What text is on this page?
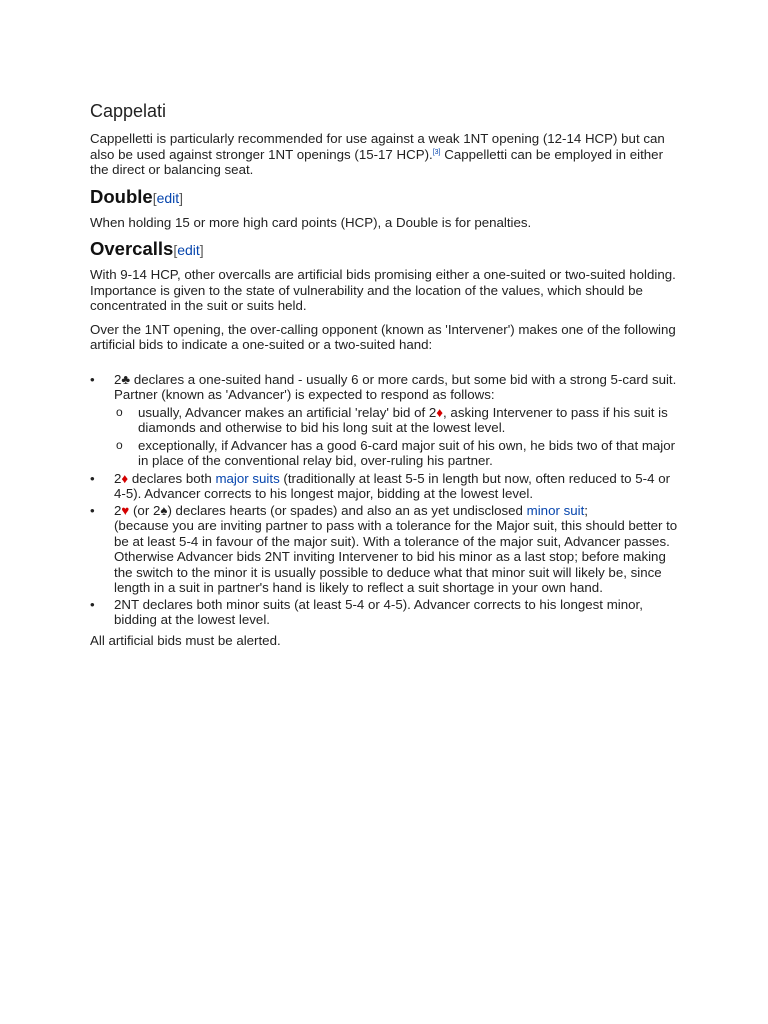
Cappelati

Cappelletti is particularly recommended for use against a weak 1NT opening (12-14 HCP) but can also be used against stronger 1NT openings (15-17 HCP).[3] Cappelletti can be employed in either the direct or balancing seat.

Double[edit]

When holding 15 or more high card points (HCP), a Double is for penalties.

Overcalls[edit]

With 9-14 HCP, other overcalls are artificial bids promising either a one-suited or two-suited holding. Importance is given to the state of vulnerability and the location of the values, which should be concentrated in the suit or suits held.

Over the 1NT opening, the over-calling opponent (known as 'Intervener') makes one of the following artificial bids to indicate a one-suited or a two-suited hand:

• 2♣ declares a one-suited hand - usually 6 or more cards, but some bid with a strong 5-card suit. Partner (known as 'Advancer') is expected to respond as follows:
o usually, Advancer makes an artificial 'relay' bid of 2♦, asking Intervener to pass if his suit is diamonds and otherwise to bid his long suit at the lowest level.
o exceptionally, if Advancer has a good 6-card major suit of his own, he bids two of that major in place of the conventional relay bid, over-ruling his partner.
• 2♦ declares both major suits (traditionally at least 5-5 in length but now, often reduced to 5-4 or 4-5). Advancer corrects to his longest major, bidding at the lowest level.
• 2♥ (or 2♠) declares hearts (or spades) and also an as yet undisclosed minor suit;
(because you are inviting partner to pass with a tolerance for the Major suit, this should better to be at least 5-4 in favour of the major suit). With a tolerance of the major suit, Advancer passes. Otherwise Advancer bids 2NT inviting Intervener to bid his minor as a last stop; before making the switch to the minor it is usually possible to deduce what that minor suit will likely be, since length in a suit in partner's hand is likely to reflect a suit shortage in your own hand.
• 2NT declares both minor suits (at least 5-4 or 4-5). Advancer corrects to his longest minor, bidding at the lowest level.

All artificial bids must be alerted.
